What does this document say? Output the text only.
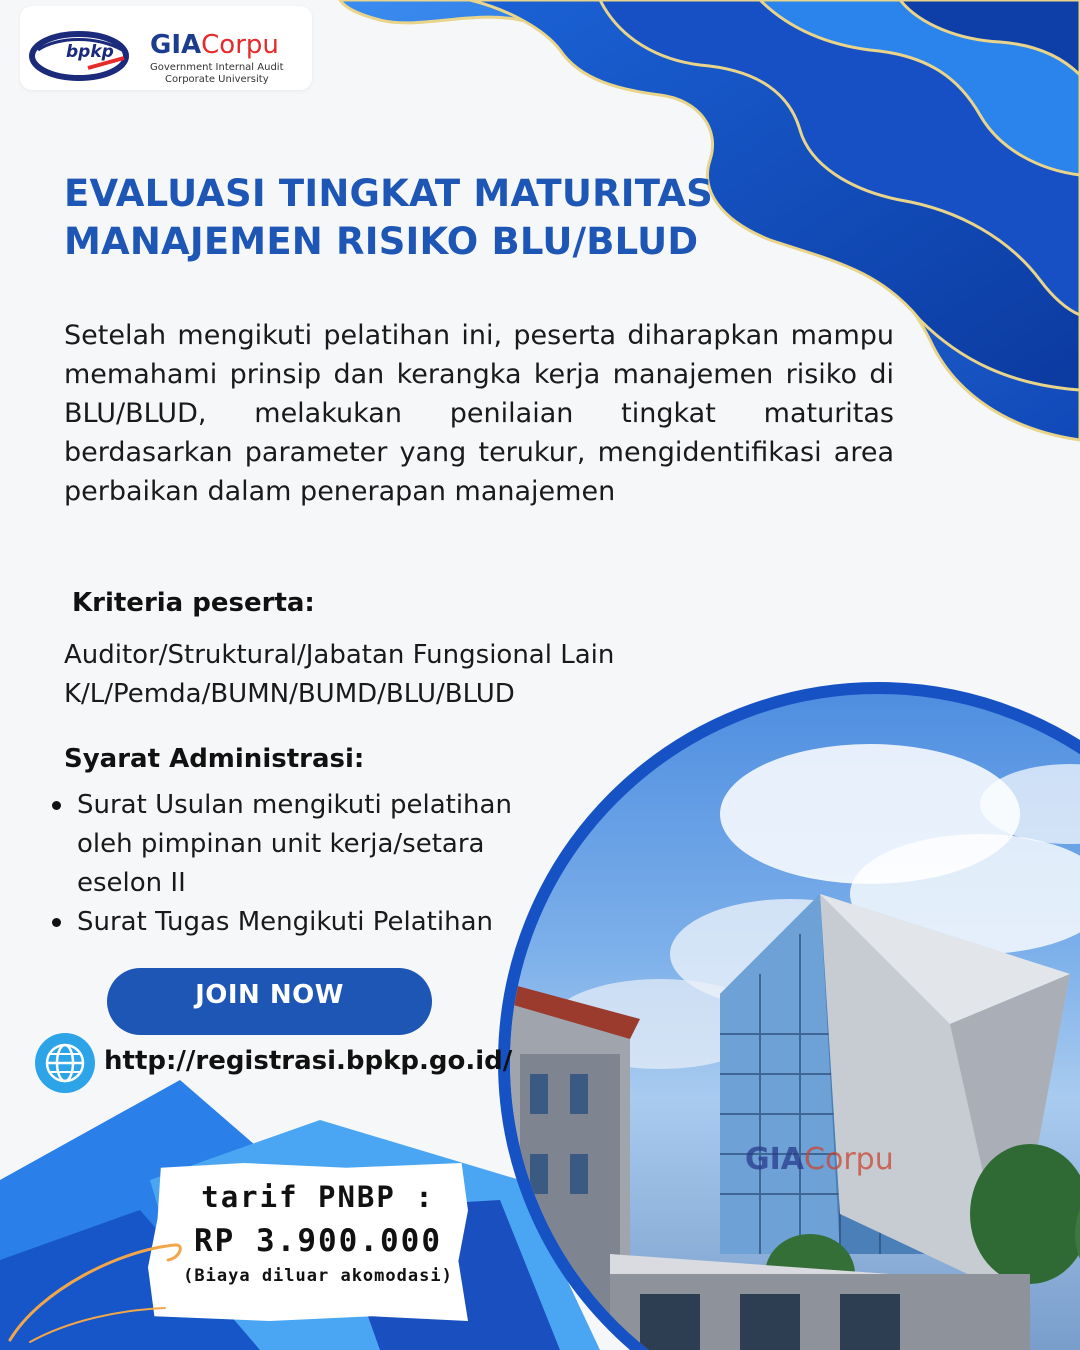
bpkp GIACorpu
Government Internal Audit
Corporate University
EVALUASI TINGKAT MATURITAS
MANAJEMEN RISIKO BLU/BLUD

Setelah mengikuti pelatihan ini, peserta diharapkan mampu memahami prinsip dan kerangka kerja manajemen risiko di BLU/BLUD, melakukan penilaian tingkat maturitas berdasarkan parameter yang terukur, mengidentifikasi area perbaikan dalam penerapan manajemen

Kriteria peserta:
Auditor/Struktural/Jabatan Fungsional Lain
K/L/Pemda/BUMN/BUMD/BLU/BLUD
Syarat Administrasi:
Surat Usulan mengikuti pelatihan oleh pimpinan unit kerja/setara eselon II
Surat Tugas Mengikuti Pelatihan
GIACorpu
JOIN NOW
http://registrasi.bpkp.go.id/
tarif PNBP :
RP 3.900.000
(Biaya diluar akomodasi)
